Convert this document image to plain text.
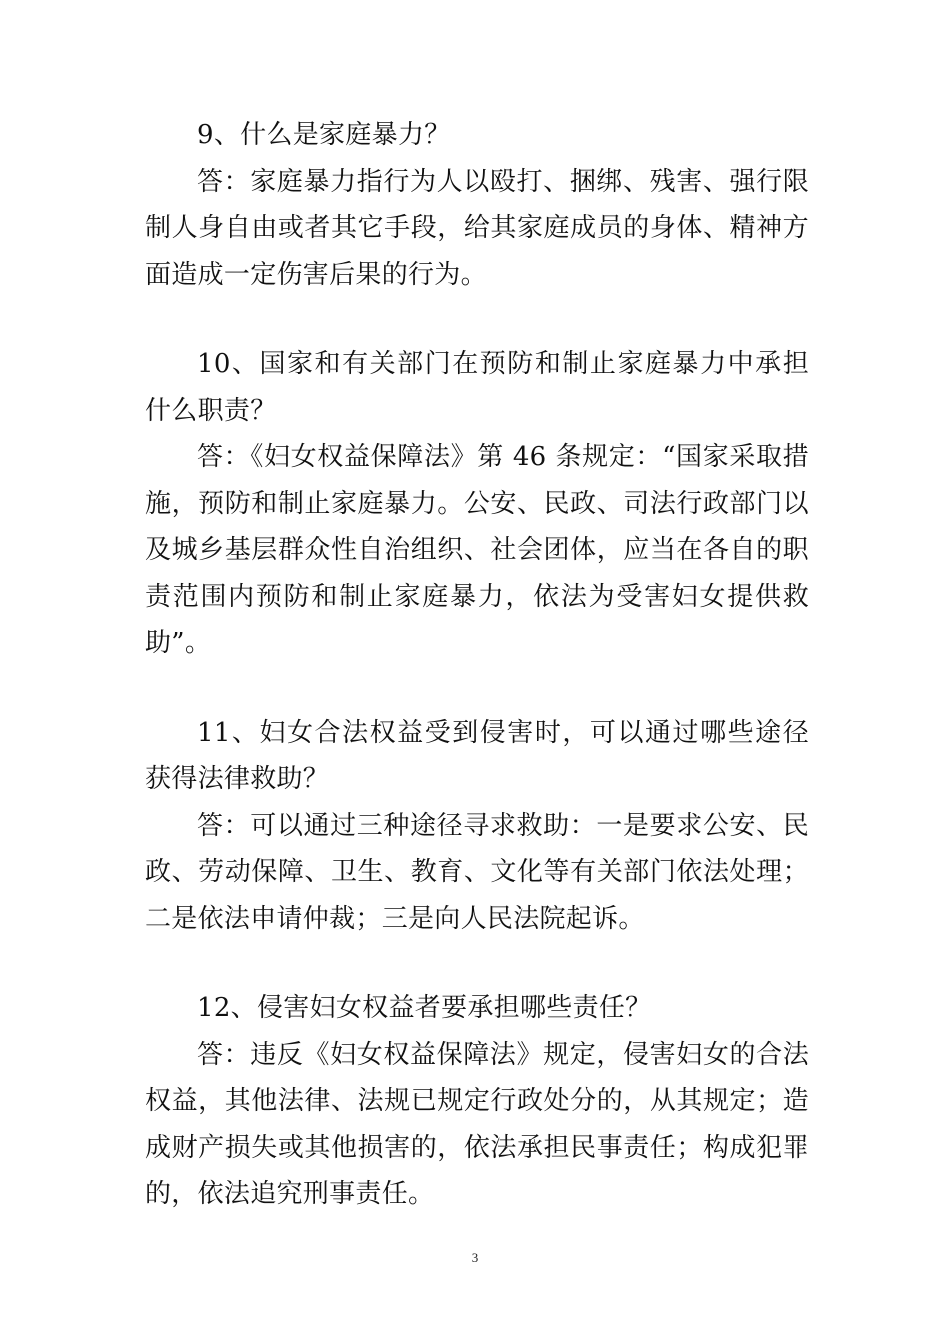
9、什么是家庭暴力？

答：家庭暴力指行为人以殴打、捆绑、残害、强行限制人身自由或者其它手段，给其家庭成员的身体、精神方面造成一定伤害后果的行为。

10、国家和有关部门在预防和制止家庭暴力中承担什么职责？

答：《妇女权益保障法》第 46 条规定：“国家采取措施，预防和制止家庭暴力。公安、民政、司法行政部门以及城乡基层群众性自治组织、社会团体，应当在各自的职责范围内预防和制止家庭暴力，依法为受害妇女提供救助”。

11、妇女合法权益受到侵害时，可以通过哪些途径获得法律救助？

答：可以通过三种途径寻求救助：一是要求公安、民政、劳动保障、卫生、教育、文化等有关部门依法处理；二是依法申请仲裁；三是向人民法院起诉。

12、侵害妇女权益者要承担哪些责任？

答：违反《妇女权益保障法》规定，侵害妇女的合法权益，其他法律、法规已规定行政处分的，从其规定；造成财产损失或其他损害的，依法承担民事责任；构成犯罪的，依法追究刑事责任。

3
